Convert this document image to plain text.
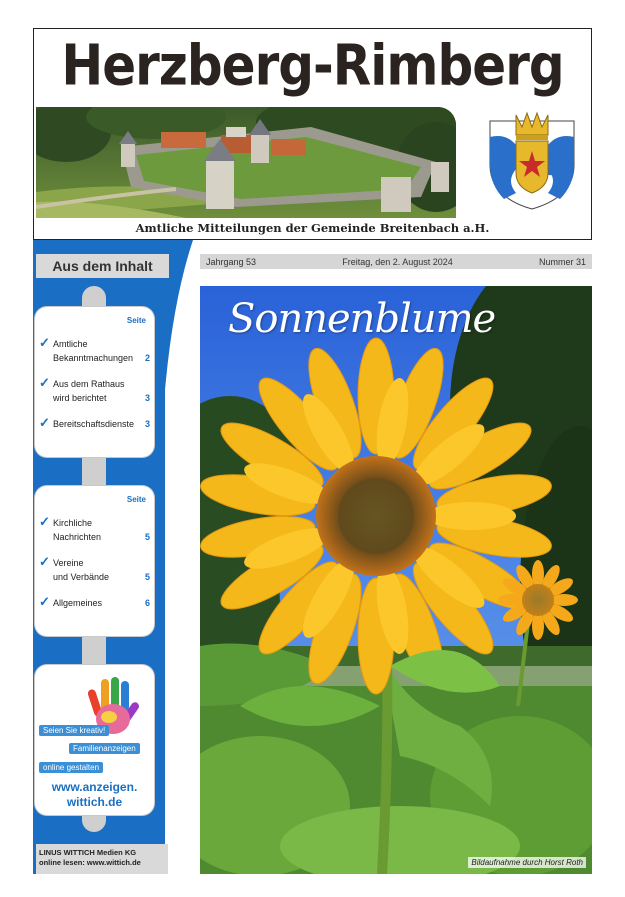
Herzberg-Rimberg
Amtliche Mitteilungen der Gemeinde Breitenbach a.H.
Jahrgang 53	Freitag, den 2. August 2024	Nummer 31
Aus dem Inhalt
Seite
✓ Amtliche
Bekanntmachungen 2
✓ Aus dem Rathaus
wird berichtet	3
✓ Bereitschaftsdienste 3
Seite
✓ Kirchliche
Nachrichten	5
✓ Vereine
und Verbände	5
✓ Allgemeines	6
Seien Sie kreativ!
Familienanzeigen
online gestalten
www.anzeigen.
wittich.de
LINUS WITTICH Medien KG
online lesen: www.wittich.de
Sonnenblume
Bildaufnahme durch Horst Roth
